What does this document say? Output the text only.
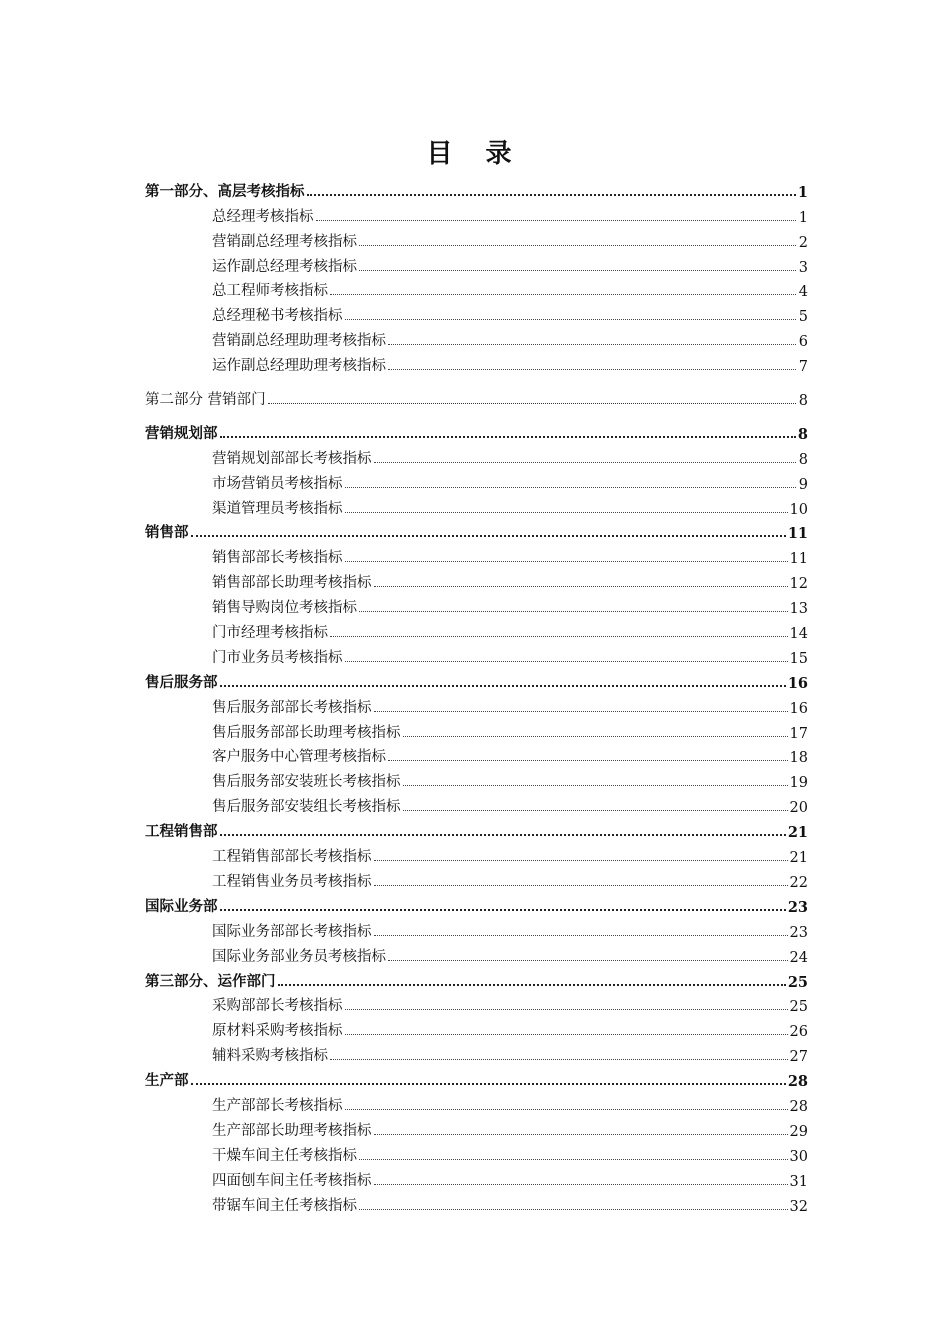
目 录
第一部分、高层考核指标	1
总经理考核指标	1
营销副总经理考核指标	2
运作副总经理考核指标	3
总工程师考核指标	4
总经理秘书考核指标	5
营销副总经理助理考核指标	6
运作副总经理助理考核指标	7
第二部分 营销部门	8
营销规划部	8
营销规划部部长考核指标	8
市场营销员考核指标	9
渠道管理员考核指标	10
销售部	11
销售部部长考核指标	11
销售部部长助理考核指标	12
销售导购岗位考核指标	13
门市经理考核指标	14
门市业务员考核指标	15
售后服务部	16
售后服务部部长考核指标	16
售后服务部部长助理考核指标	17
客户服务中心管理考核指标	18
售后服务部安装班长考核指标	19
售后服务部安装组长考核指标	20
工程销售部	21
工程销售部部长考核指标	21
工程销售业务员考核指标	22
国际业务部	23
国际业务部部长考核指标	23
国际业务部业务员考核指标	24
第三部分、运作部门	25
采购部部长考核指标	25
原材料采购考核指标	26
辅料采购考核指标	27
生产部	28
生产部部长考核指标	28
生产部部长助理考核指标	29
干燥车间主任考核指标	30
四面刨车间主任考核指标	31
带锯车间主任考核指标	32
